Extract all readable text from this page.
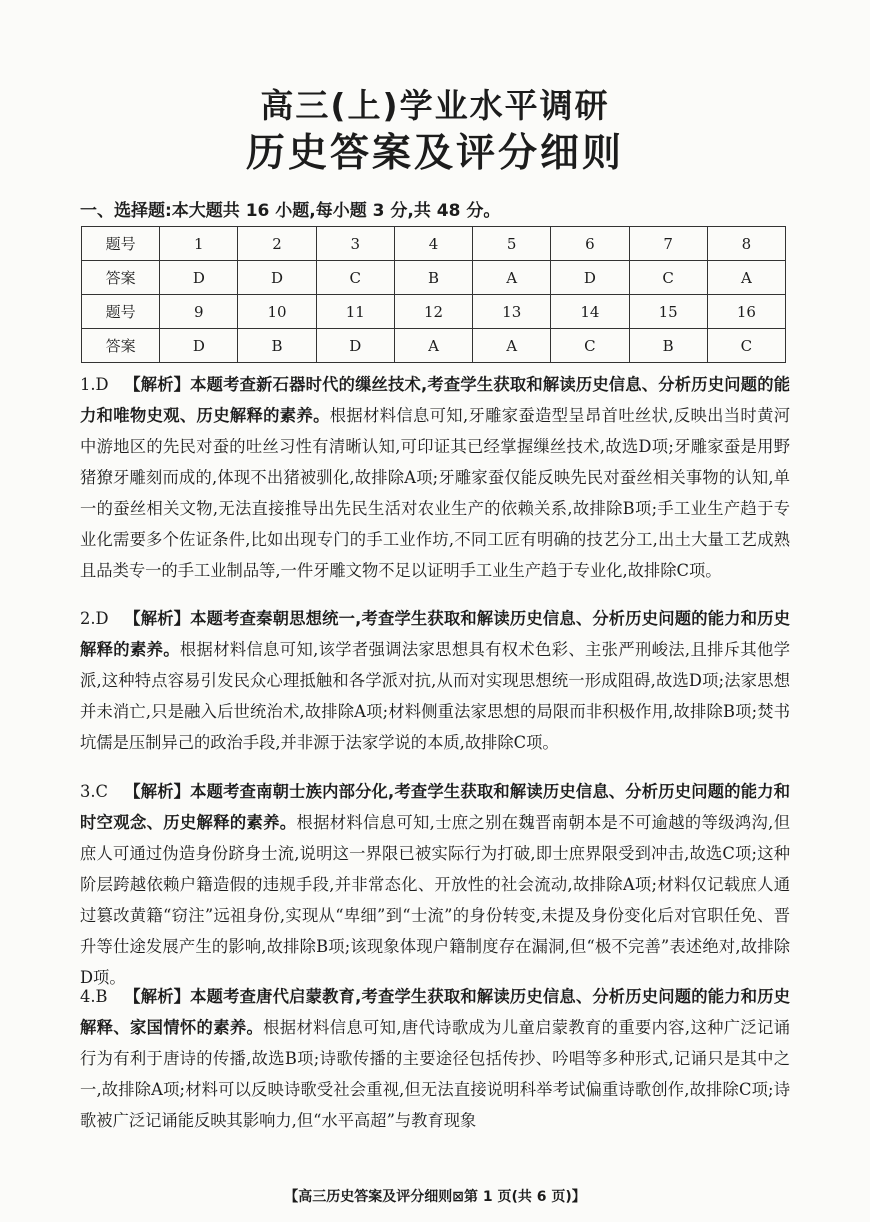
高三(上)学业水平调研
历史答案及评分细则
一、选择题:本大题共 16 小题,每小题 3 分,共 48 分。
题号	1	2	3	4	5	6	7	8
答案	D	D	C	B	A	D	C	A
题号	9	10	11	12	13	14	15	16
答案	D	B	D	A	A	C	B	C
1.D 【解析】本题考查新石器时代的缫丝技术,考查学生获取和解读历史信息、分析历史问题的能力和唯物史观、历史解释的素养。根据材料信息可知,牙雕家蚕造型呈昂首吐丝状,反映出当时黄河中游地区的先民对蚕的吐丝习性有清晰认知,可印证其已经掌握缫丝技术,故选D项;牙雕家蚕是用野猪獠牙雕刻而成的,体现不出猪被驯化,故排除A项;牙雕家蚕仅能反映先民对蚕丝相关事物的认知,单一的蚕丝相关文物,无法直接推导出先民生活对农业生产的依赖关系,故排除B项;手工业生产趋于专业化需要多个佐证条件,比如出现专门的手工业作坊,不同工匠有明确的技艺分工,出土大量工艺成熟且品类专一的手工业制品等,一件牙雕文物不足以证明手工业生产趋于专业化,故排除C项。
2.D 【解析】本题考查秦朝思想统一,考查学生获取和解读历史信息、分析历史问题的能力和历史解释的素养。根据材料信息可知,该学者强调法家思想具有权术色彩、主张严刑峻法,且排斥其他学派,这种特点容易引发民众心理抵触和各学派对抗,从而对实现思想统一形成阻碍,故选D项;法家思想并未消亡,只是融入后世统治术,故排除A项;材料侧重法家思想的局限而非积极作用,故排除B项;焚书坑儒是压制异己的政治手段,并非源于法家学说的本质,故排除C项。
3.C 【解析】本题考查南朝士族内部分化,考查学生获取和解读历史信息、分析历史问题的能力和时空观念、历史解释的素养。根据材料信息可知,士庶之别在魏晋南朝本是不可逾越的等级鸿沟,但庶人可通过伪造身份跻身士流,说明这一界限已被实际行为打破,即士庶界限受到冲击,故选C项;这种阶层跨越依赖户籍造假的违规手段,并非常态化、开放性的社会流动,故排除A项;材料仅记载庶人通过篡改黄籍“窃注”远祖身份,实现从“卑细”到“士流”的身份转变,未提及身份变化后对官职任免、晋升等仕途发展产生的影响,故排除B项;该现象体现户籍制度存在漏洞,但“极不完善”表述绝对,故排除D项。
4.B 【解析】本题考查唐代启蒙教育,考查学生获取和解读历史信息、分析历史问题的能力和历史解释、家国情怀的素养。根据材料信息可知,唐代诗歌成为儿童启蒙教育的重要内容,这种广泛记诵行为有利于唐诗的传播,故选B项;诗歌传播的主要途径包括传抄、吟唱等多种形式,记诵只是其中之一,故排除A项;材料可以反映诗歌受社会重视,但无法直接说明科举考试偏重诗歌创作,故排除C项;诗歌被广泛记诵能反映其影响力,但“水平高超”与教育现象
【高三历史答案及评分细则⊠第 1 页(共 6 页)】
